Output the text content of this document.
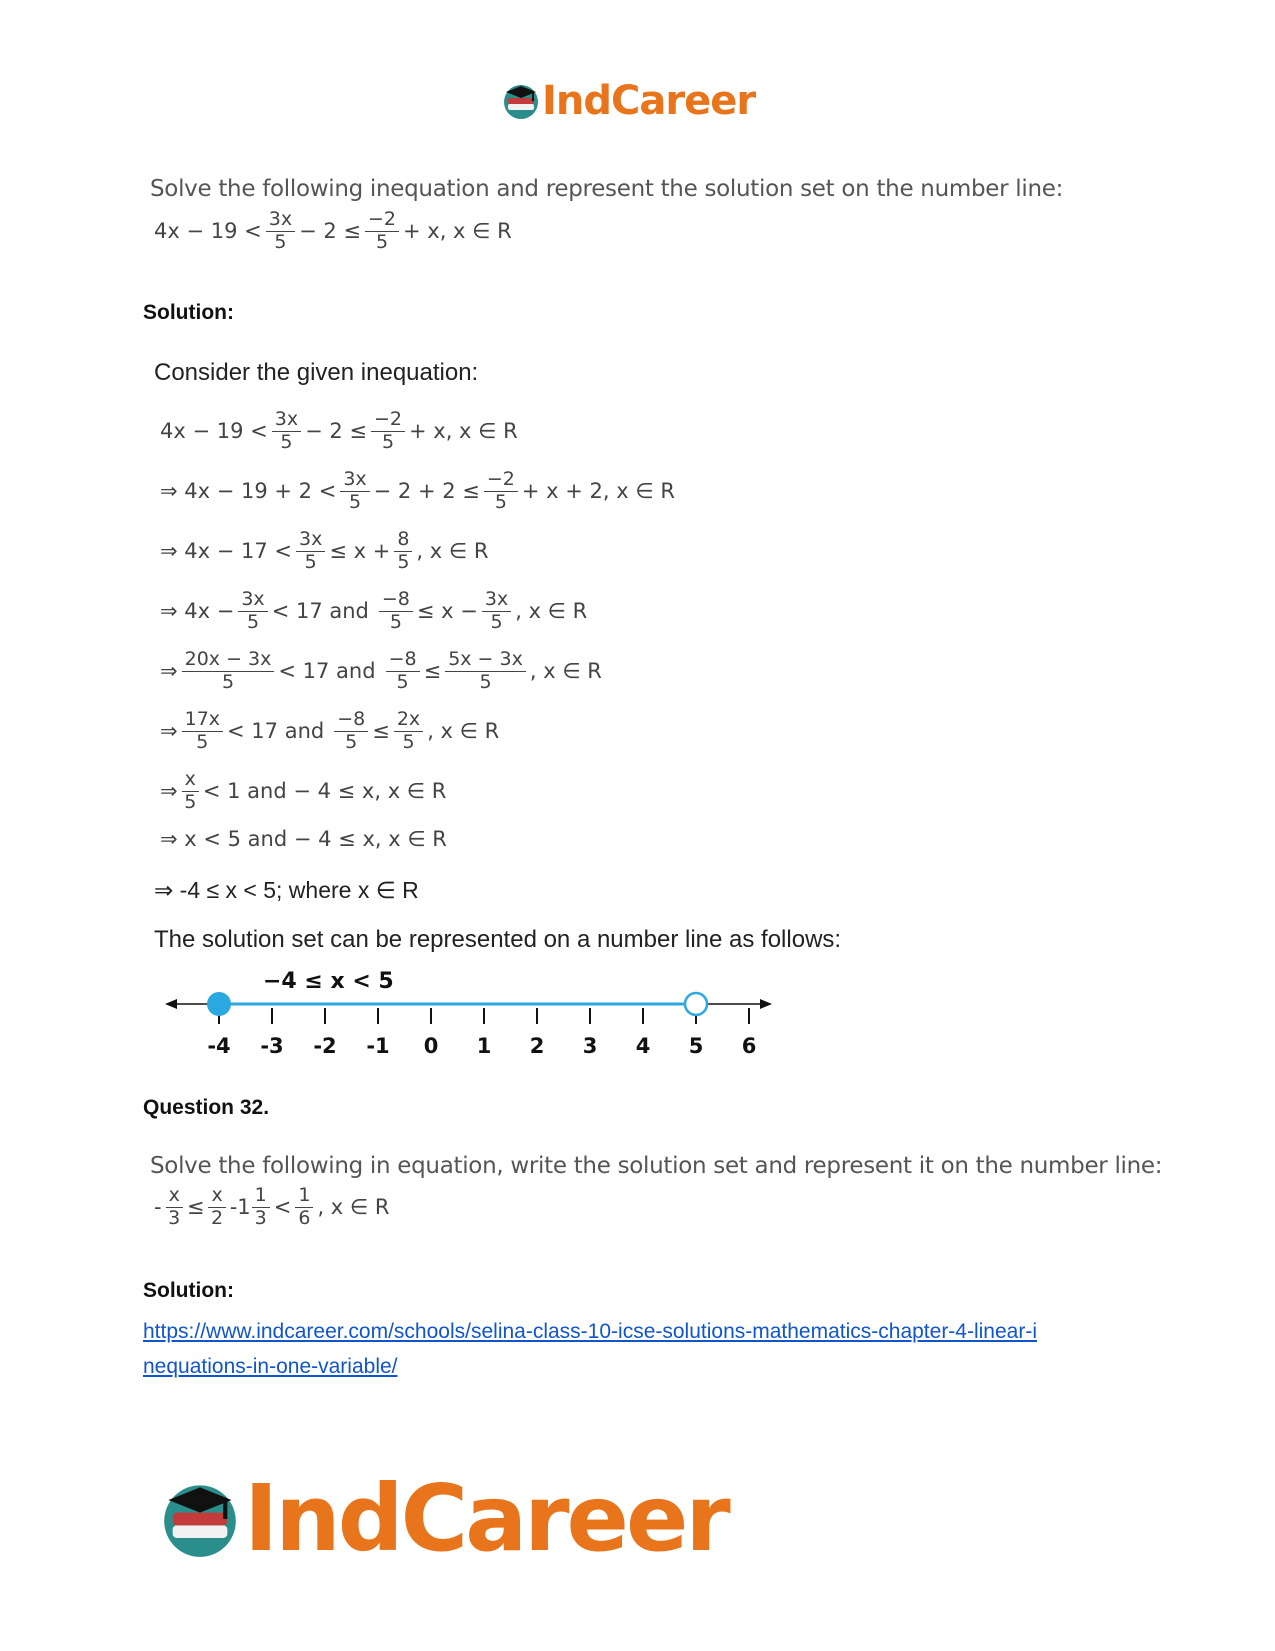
IndCareer
Solve the following inequation and represent the solution set on the number line:
$4x - 19 < \frac{3x}{5} - 2 \le \frac{-2}{5} + x$, x ∈ R
Solution:
Consider the given inequation:
$4x - 19 < \frac{3x}{5} - 2 \le \frac{-2}{5} + x$, x ∈ R
⇒ $4x - 19 + 2 < \frac{3x}{5} - 2 + 2 \le \frac{-2}{5} + x + 2$, x ∈ R
⇒ $4x - 17 < \frac{3x}{5} \le x + \frac{8}{5}$ , x ∈ R
⇒ $4x - \frac{3x}{5} < 17$ and $\frac{-8}{5} \le x - \frac{3x}{5}$ , x ∈ R
⇒ $\frac{20x - 3x}{5} < 17$ and $\frac{-8}{5} \le \frac{5x - 3x}{5}$ , x ∈ R
⇒ $\frac{17x}{5} < 17$ and $\frac{-8}{5} \le \frac{2x}{5}$ , x ∈ R
⇒ $\frac{x}{5} < 1$ and − 4 ≤ x, x ∈ R
⇒ x < 5 and − 4 ≤ x, x ∈ R
⇒ -4 ≤ x < 5; where x ∈ R
The solution set can be represented on a number line as follows:
−4 ≤ x < 5
-4 -3 -2 -1 0 1 2 3 4 5 6
Question 32.
Solve the following in equation, write the solution set and represent it on the number line:
- $\frac{x}{3} \le \frac{x}{2} -1 \frac{1}{3} < \frac{1}{6}$ , x ∈ R
Solution:
https://www.indcareer.com/schools/selina-class-10-icse-solutions-mathematics-chapter-4-linear-i
nequations-in-one-variable/
IndCareer
